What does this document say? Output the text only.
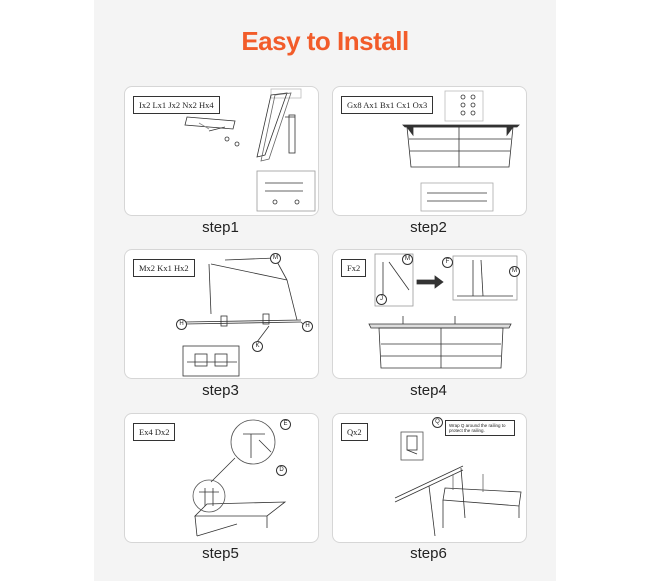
Easy to Install
Ix2 Lx1 Jx2 Nx2 Hx4
step1
Gx8 Ax1 Bx1 Cx1 Ox3
step2
Mx2 Kx1 Hx2
M
H	H
K
step3
Fx2
M	F
M
J
step4
Ex4 Dx2
E
D
step5
Qx2
Wrap Q around the railing to protect the railing.
Q
step6
